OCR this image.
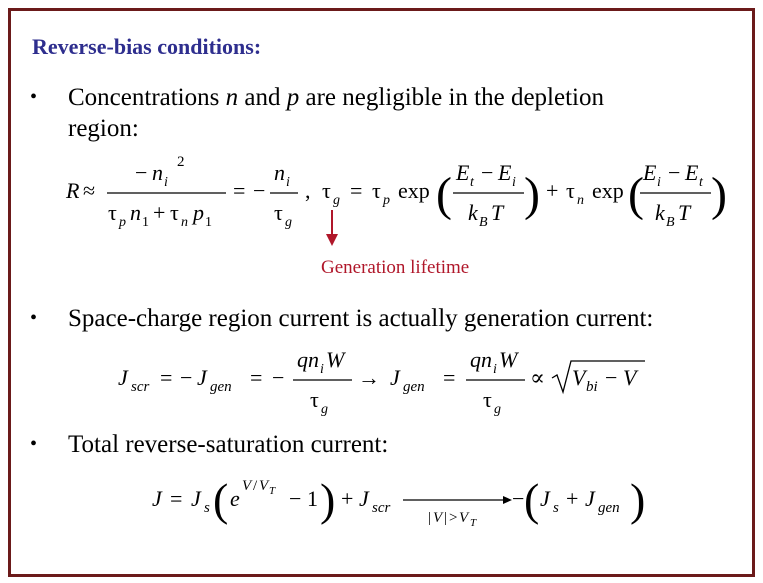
Reverse-bias conditions:
• Concentrations n and p are negligible in the depletion
region:
• Space-charge region current is actually generation current:
• Total reverse-saturation current:
Generation lifetime
R ≈
− n i
2
τ p n 1 + τ n p 1
= −
n i
τ g
, τ g = τ p exp ( E t − E i
k B T ) + τ n exp ( E i − E t
k B T )
J scr = − J gen = −
qn i W
τ g
→ J gen =
qn i W
τ g
∝ V bi − V
J = J s ( e V / V T − 1 ) + J scr
| V | > V T
− ( J s + J gen )
